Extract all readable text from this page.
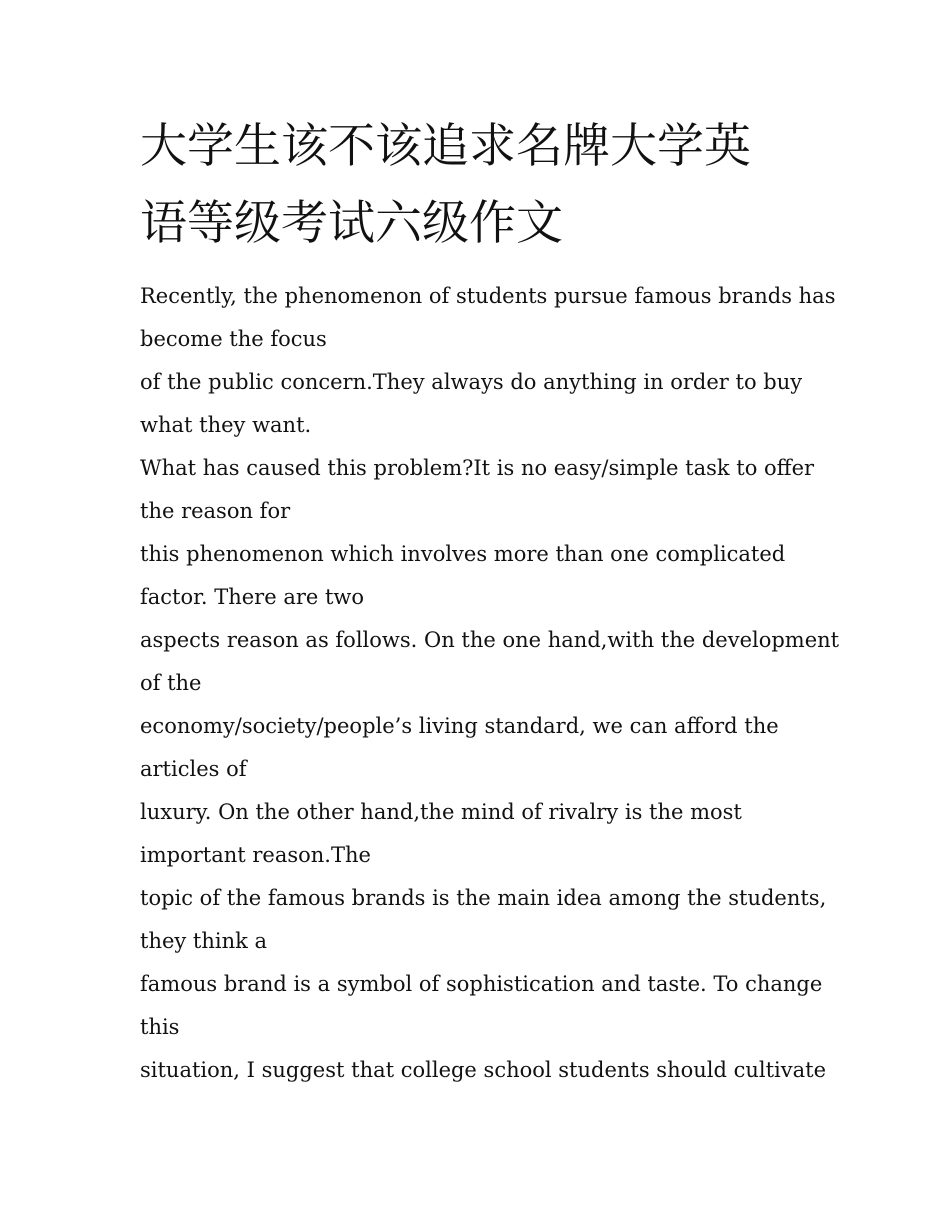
大学生该不该追求名牌大学英
语等级考试六级作文
Recently, the phenomenon of students pursue famous brands has
become the focus
of the public concern.They always do anything in order to buy
what they want.
What has caused this problem?It is no easy/simple task to offer
the reason for
this phenomenon which involves more than one complicated
factor. There are two
aspects reason as follows. On the one hand,with the development
of the
economy/society/people’s living standard, we can afford the
articles of
luxury. On the other hand,the mind of rivalry is the most
important reason.The
topic of the famous brands is the main idea among the students,
they think a
famous brand is a symbol of sophistication and taste. To change
this
situation, I suggest that college school students should cultivate
